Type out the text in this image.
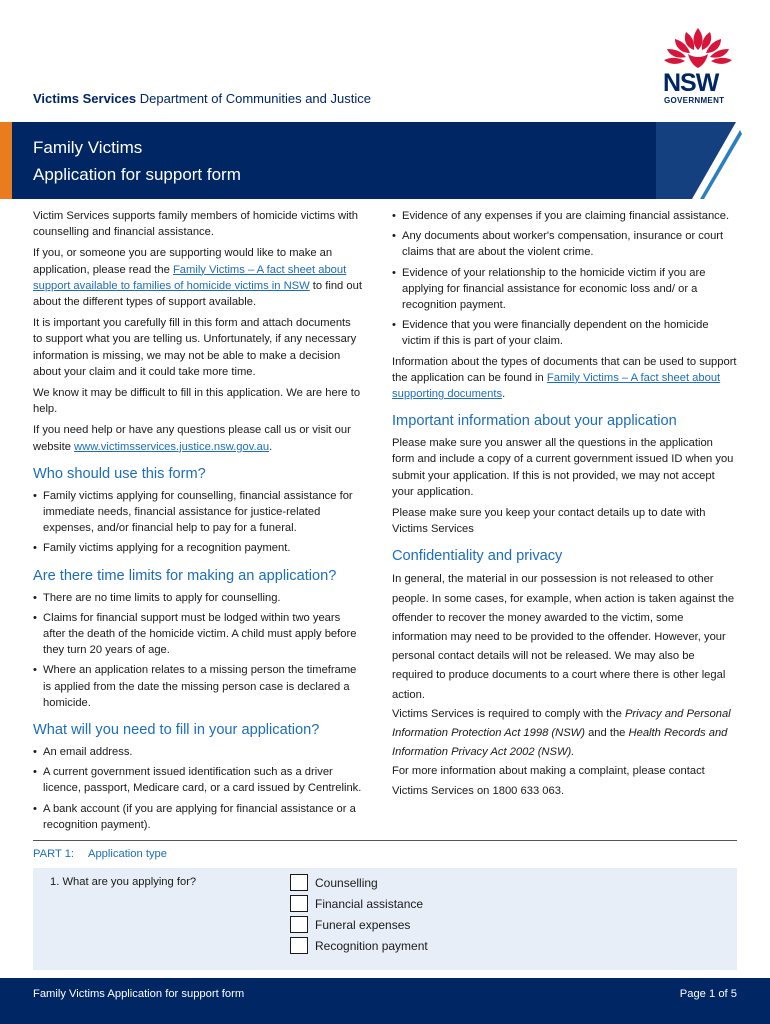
Victims Services Department of Communities and Justice
NSW
GOVERNMENT
Family Victims
Application for support form

Victim Services supports family members of homicide victims with counselling and financial assistance.

If you, or someone you are supporting would like to make an application, please read the Family Victims – A fact sheet about support available to families of homicide victims in NSW to find out about the different types of support available.

It is important you carefully fill in this form and attach documents to support what you are telling us. Unfortunately, if any necessary information is missing, we may not be able to make a decision about your claim and it could take more time.

We know it may be difficult to fill in this application. We are here to help.

If you need help or have any questions please call us or visit our website www.victimsservices.justice.nsw.gov.au.

Who should use this form?
• Family victims applying for counselling, financial assistance for immediate needs, financial assistance for justice-related expenses, and/or financial help to pay for a funeral.
• Family victims applying for a recognition payment.
Are there time limits for making an application?
• There are no time limits to apply for counselling.
• Claims for financial support must be lodged within two years after the death of the homicide victim. A child must apply before they turn 20 years of age.
• Where an application relates to a missing person the timeframe is applied from the date the missing person case is declared a homicide.
What will you need to fill in your application?
• An email address.
• A current government issued identification such as a driver licence, passport, Medicare card, or a card issued by Centrelink.
• A bank account (if you are applying for financial assistance or a recognition payment).
• Evidence of any expenses if you are claiming financial assistance.
• Any documents about worker's compensation, insurance or court claims that are about the violent crime.
• Evidence of your relationship to the homicide victim if you are applying for financial assistance for economic loss and/ or a recognition payment.
• Evidence that you were financially dependent on the homicide victim if this is part of your claim.

Information about the types of documents that can be used to support the application can be found in Family Victims – A fact sheet about supporting documents.

Important information about your application

Please make sure you answer all the questions in the application form and include a copy of a current government issued ID when you submit your application. If this is not provided, we may not accept your application.

Please make sure you keep your contact details up to date with Victims Services

Confidentiality and privacy

In general, the material in our possession is not released to other people. In some cases, for example, when action is taken against the offender to recover the money awarded to the victim, some information may need to be provided to the offender. However, your personal contact details will not be released. We may also be required to produce documents to a court where there is other legal action.

Victims Services is required to comply with the Privacy and Personal Information Protection Act 1998 (NSW) and the Health Records and Information Privacy Act 2002 (NSW).

For more information about making a complaint, please contact Victims Services on 1800 633 063.

PART 1: Application type
1. What are you applying for?	Counselling
Financial assistance
Funeral expenses
Recognition payment
Family Victims Application for support form	Page 1 of 5
